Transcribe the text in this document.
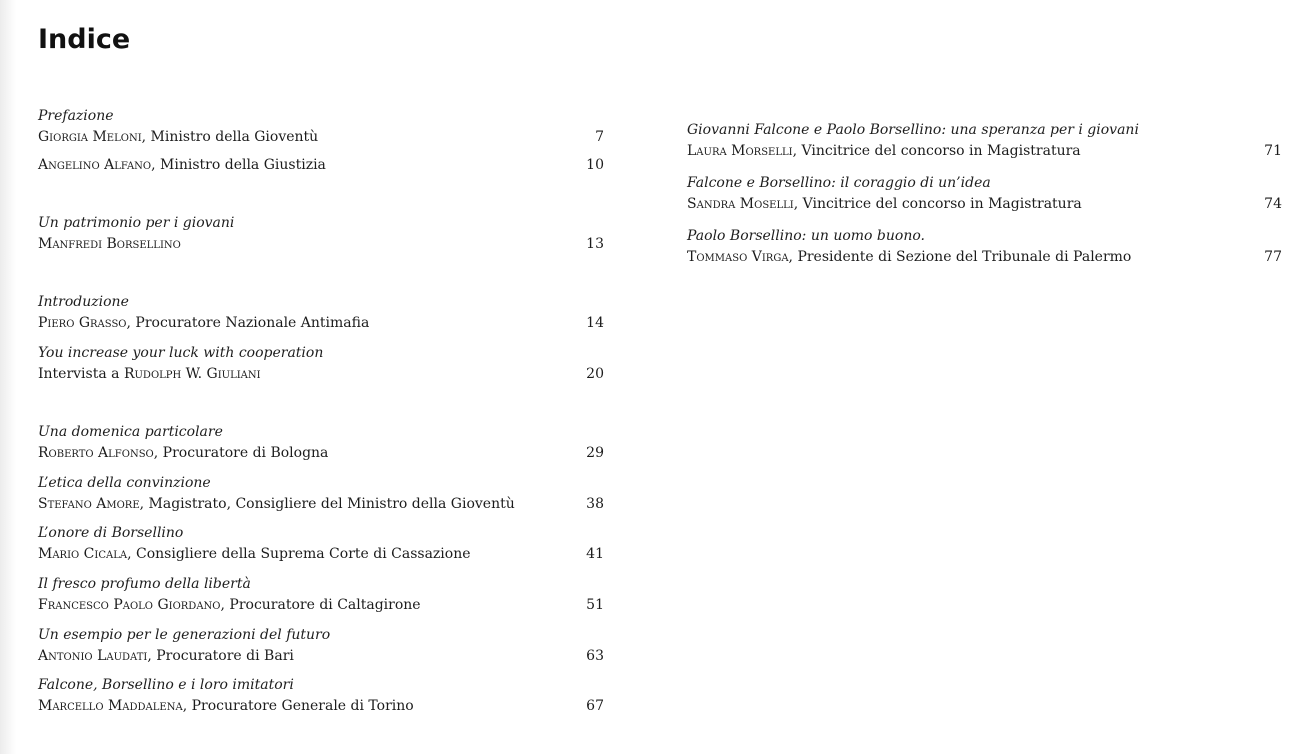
Indice
Prefazione
Giorgia Meloni, Ministro della Gioventù	7
Angelino Alfano, Ministro della Giustizia	10
Un patrimonio per i giovani
Manfredi Borsellino	13
Introduzione
Piero Grasso, Procuratore Nazionale Antimafia	14
You increase your luck with cooperation
Intervista a Rudolph W. Giuliani	20
Una domenica particolare
Roberto Alfonso, Procuratore di Bologna	29
L’etica della convinzione
Stefano Amore, Magistrato, Consigliere del Ministro della Gioventù	38
L’onore di Borsellino
Mario Cicala, Consigliere della Suprema Corte di Cassazione	41
Il fresco profumo della libertà
Francesco Paolo Giordano, Procuratore di Caltagirone	51
Un esempio per le generazioni del futuro
Antonio Laudati, Procuratore di Bari	63
Falcone, Borsellino e i loro imitatori
Marcello Maddalena, Procuratore Generale di Torino	67
Giovanni Falcone e Paolo Borsellino: una speranza per i giovani
Laura Morselli, Vincitrice del concorso in Magistratura	71
Falcone e Borsellino: il coraggio di un’idea
Sandra Moselli, Vincitrice del concorso in Magistratura	74
Paolo Borsellino: un uomo buono.
Tommaso Virga, Presidente di Sezione del Tribunale di Palermo	77
